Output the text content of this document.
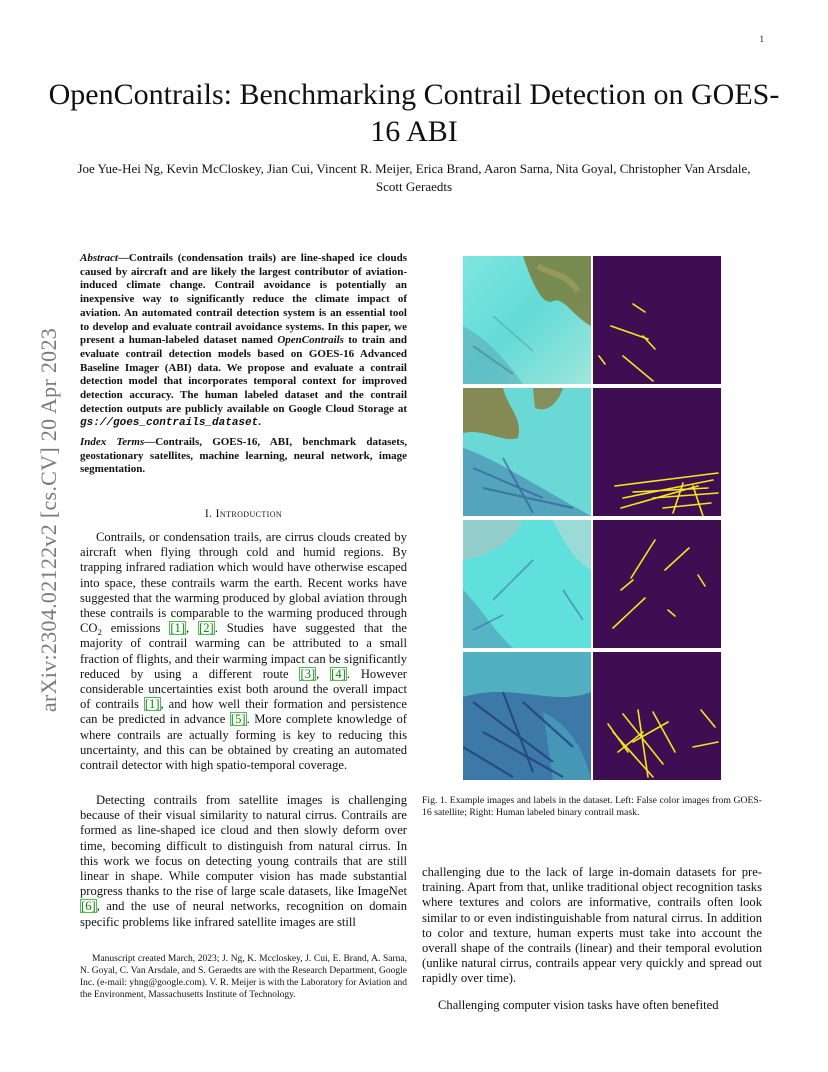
1
arXiv:2304.02122v2 [cs.CV] 20 Apr 2023
OpenContrails: Benchmarking Contrail Detection on GOES-16 ABI
Joe Yue-Hei Ng, Kevin McCloskey, Jian Cui, Vincent R. Meijer, Erica Brand, Aaron Sarna, Nita Goyal, Christopher Van Arsdale, Scott Geraedts
Abstract—Contrails (condensation trails) are line-shaped ice clouds caused by aircraft and are likely the largest contributor of aviation-induced climate change. Contrail avoidance is potentially an inexpensive way to significantly reduce the climate impact of aviation. An automated contrail detection system is an essential tool to develop and evaluate contrail avoidance systems. In this paper, we present a human-labeled dataset named OpenContrails to train and evaluate contrail detection models based on GOES-16 Advanced Baseline Imager (ABI) data. We propose and evaluate a contrail detection model that incorporates temporal context for improved detection accuracy. The human labeled dataset and the contrail detection outputs are publicly available on Google Cloud Storage at gs://goes_contrails_dataset.
Index Terms—Contrails, GOES-16, ABI, benchmark datasets, geostationary satellites, machine learning, neural network, image segmentation.
I. Introduction
Contrails, or condensation trails, are cirrus clouds created by aircraft when flying through cold and humid regions. By trapping infrared radiation which would have otherwise escaped into space, these contrails warm the earth. Recent works have suggested that the warming produced by global aviation through these contrails is comparable to the warming produced through $CO_2$ emissions [1], [2]. Studies have suggested that the majority of contrail warming can be attributed to a small fraction of flights, and their warming impact can be significantly reduced by using a different route [3], [4]. However considerable uncertainties exist both around the overall impact of contrails [1], and how well their formation and persistence can be predicted in advance [5]. More complete knowledge of where contrails are actually forming is key to reducing this uncertainty, and this can be obtained by creating an automated contrail detector with high spatio-temporal coverage.
Detecting contrails from satellite images is challenging because of their visual similarity to natural cirrus. Contrails are formed as line-shaped ice cloud and then slowly deform over time, becoming difficult to distinguish from natural cirrus. In this work we focus on detecting young contrails that are still linear in shape. While computer vision has made substantial progress thanks to the rise of large scale datasets, like ImageNet [6], and the use of neural networks, recognition on domain specific problems like infrared satellite images are still
Manuscript created March, 2023; J. Ng, K. Mccloskey, J. Cui, E. Brand, A. Sarna, N. Goyal, C. Van Arsdale, and S. Geraedts are with the Research Department, Google Inc. (e-mail: yhng@google.com). V. R. Meijer is with the Laboratory for Aviation and the Environment, Massachusetts Institute of Technology.
Fig. 1. Example images and labels in the dataset. Left: False color images from GOES-16 satellite; Right: Human labeled binary contrail mask.
challenging due to the lack of large in-domain datasets for pre-training. Apart from that, unlike traditional object recognition tasks where textures and colors are informative, contrails often look similar to or even indistinguishable from natural cirrus. In addition to color and texture, human experts must take into account the overall shape of the contrails (linear) and their temporal evolution (unlike natural cirrus, contrails appear very quickly and spread out rapidly over time).
Challenging computer vision tasks have often benefited
